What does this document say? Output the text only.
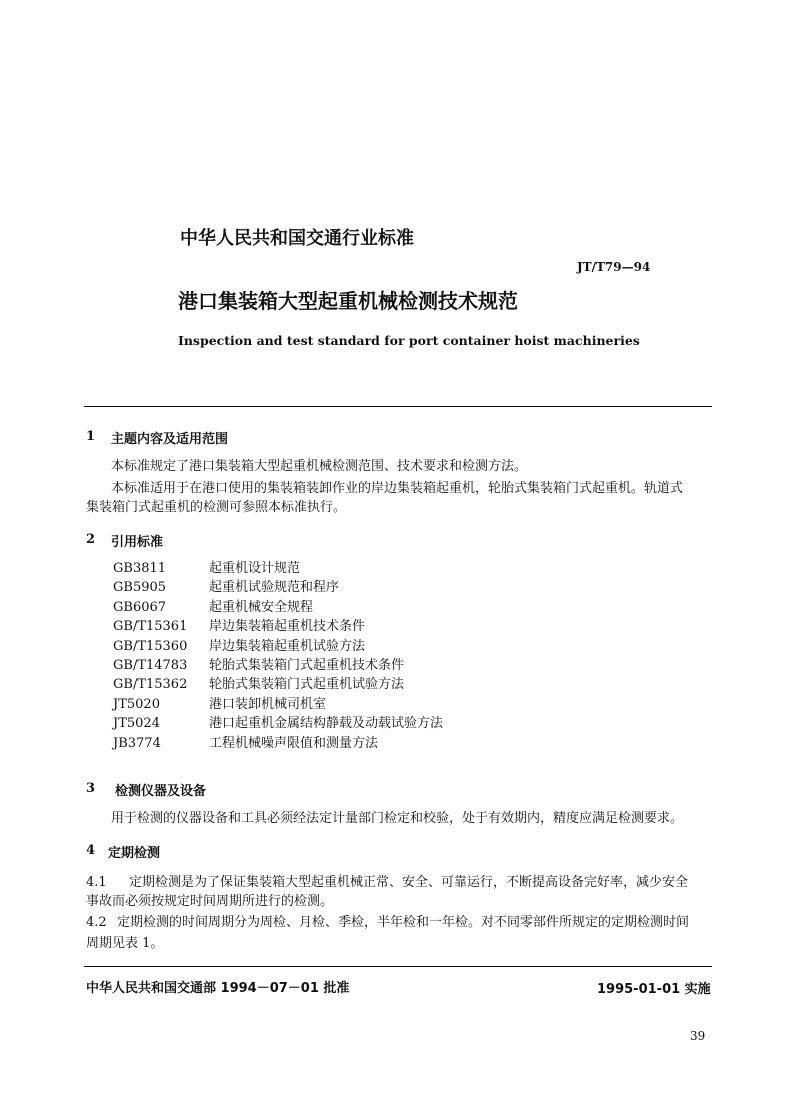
中华人民共和国交通行业标准
JT/T79—94
港口集装箱大型起重机械检测技术规范
Inspection and test standard for port container hoist machineries
1 主题内容及适用范围
本标准规定了港口集装箱大型起重机械检测范围、技术要求和检测方法。
本标准适用于在港口使用的集装箱装卸作业的岸边集装箱起重机，轮胎式集装箱门式起重机。轨道式
集装箱门式起重机的检测可参照本标准执行。
2 引用标准
GB3811	起重机设计规范
GB5905	起重机试验规范和程序
GB6067	起重机械安全规程
GB/T15361	岸边集装箱起重机技术条件
GB/T15360	岸边集装箱起重机试验方法
GB/T14783	轮胎式集装箱门式起重机技术条件
GB/T15362	轮胎式集装箱门式起重机试验方法
JT5020	港口装卸机械司机室
JT5024	港口起重机金属结构静载及动载试验方法
JB3774	工程机械噪声限值和测量方法
3 检测仪器及设备
用于检测的仪器设备和工具必须经法定计量部门检定和校验，处于有效期内，精度应满足检测要求。
4 定期检测
4.1 定期检测是为了保证集装箱大型起重机械正常、安全、可靠运行，不断提高设备完好率，减少安全
事故而必须按规定时间周期所进行的检测。
4.2 定期检测的时间周期分为周检、月检、季检，半年检和一年检。对不同零部件所规定的定期检测时间
周期见表 1。
中华人民共和国交通部 1994－07－01 批准	1995-01-01 实施
39
